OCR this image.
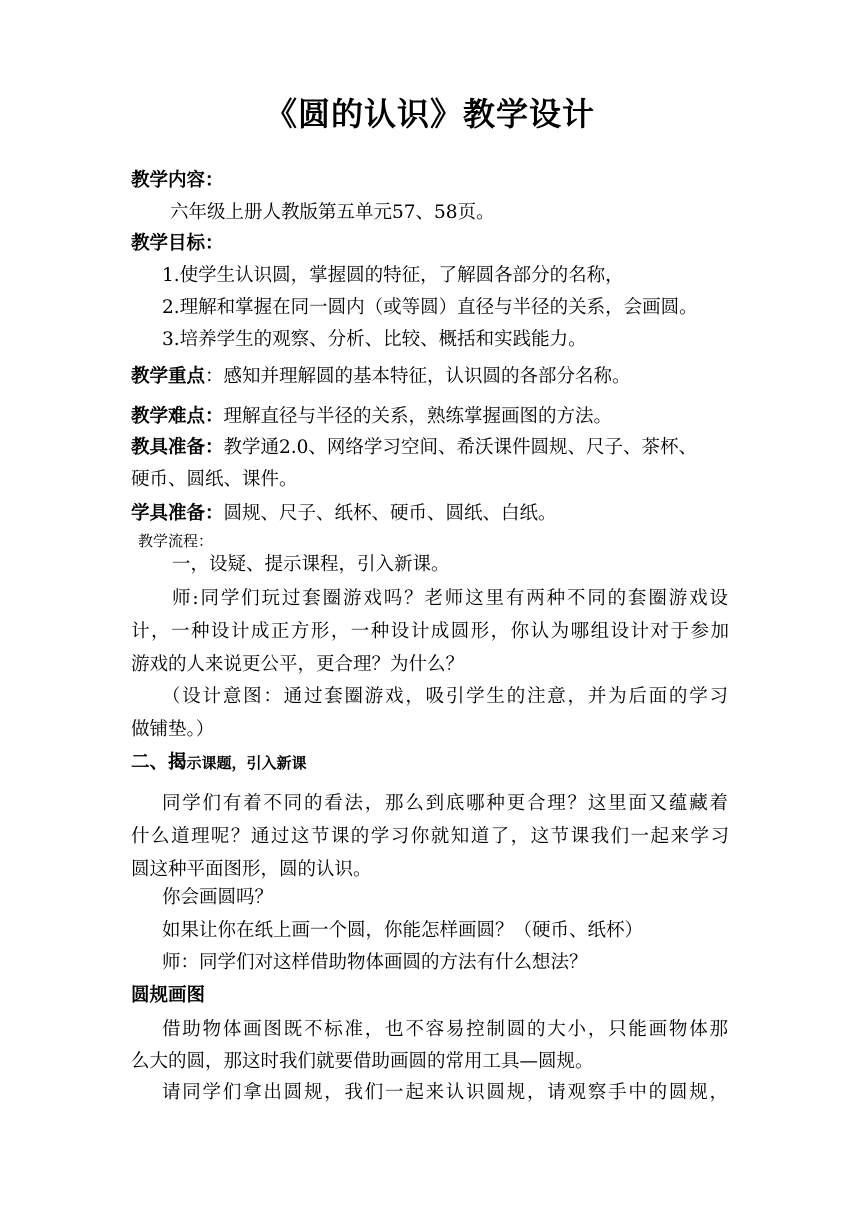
《圆的认识》教学设计
教学内容：
六年级上册人教版第五单元57、58页。
教学目标：
1.使学生认识圆，掌握圆的特征，了解圆各部分的名称，
2.理解和掌握在同一圆内（或等圆）直径与半径的关系，会画圆。
3.培养学生的观察、分析、比较、概括和实践能力。
教学重点：感知并理解圆的基本特征，认识圆的各部分名称。
教学难点：理解直径与半径的关系，熟练掌握画图的方法。
教具准备：教学通2.0、网络学习空间、希沃课件圆规、尺子、茶杯、
硬币、圆纸、课件。
学具准备：圆规、尺子、纸杯、硬币、圆纸、白纸。
教学流程：
一，设疑、提示课程，引入新课。
师:同学们玩过套圈游戏吗？老师这里有两种不同的套圈游戏设
计，一种设计成正方形，一种设计成圆形，你认为哪组设计对于参加
游戏的人来说更公平，更合理？为什么？
（设计意图：通过套圈游戏，吸引学生的注意，并为后面的学习
做铺垫。）
二、揭示课题，引入新课
同学们有着不同的看法，那么到底哪种更合理？这里面又蕴藏着
什么道理呢？通过这节课的学习你就知道了，这节课我们一起来学习
圆这种平面图形，圆的认识。
你会画圆吗？
如果让你在纸上画一个圆，你能怎样画圆？（硬币、纸杯）
师：同学们对这样借助物体画圆的方法有什么想法？
圆规画图
借助物体画图既不标准，也不容易控制圆的大小，只能画物体那
么大的圆，那这时我们就要借助画圆的常用工具—圆规。
请同学们拿出圆规，我们一起来认识圆规，请观察手中的圆规，
